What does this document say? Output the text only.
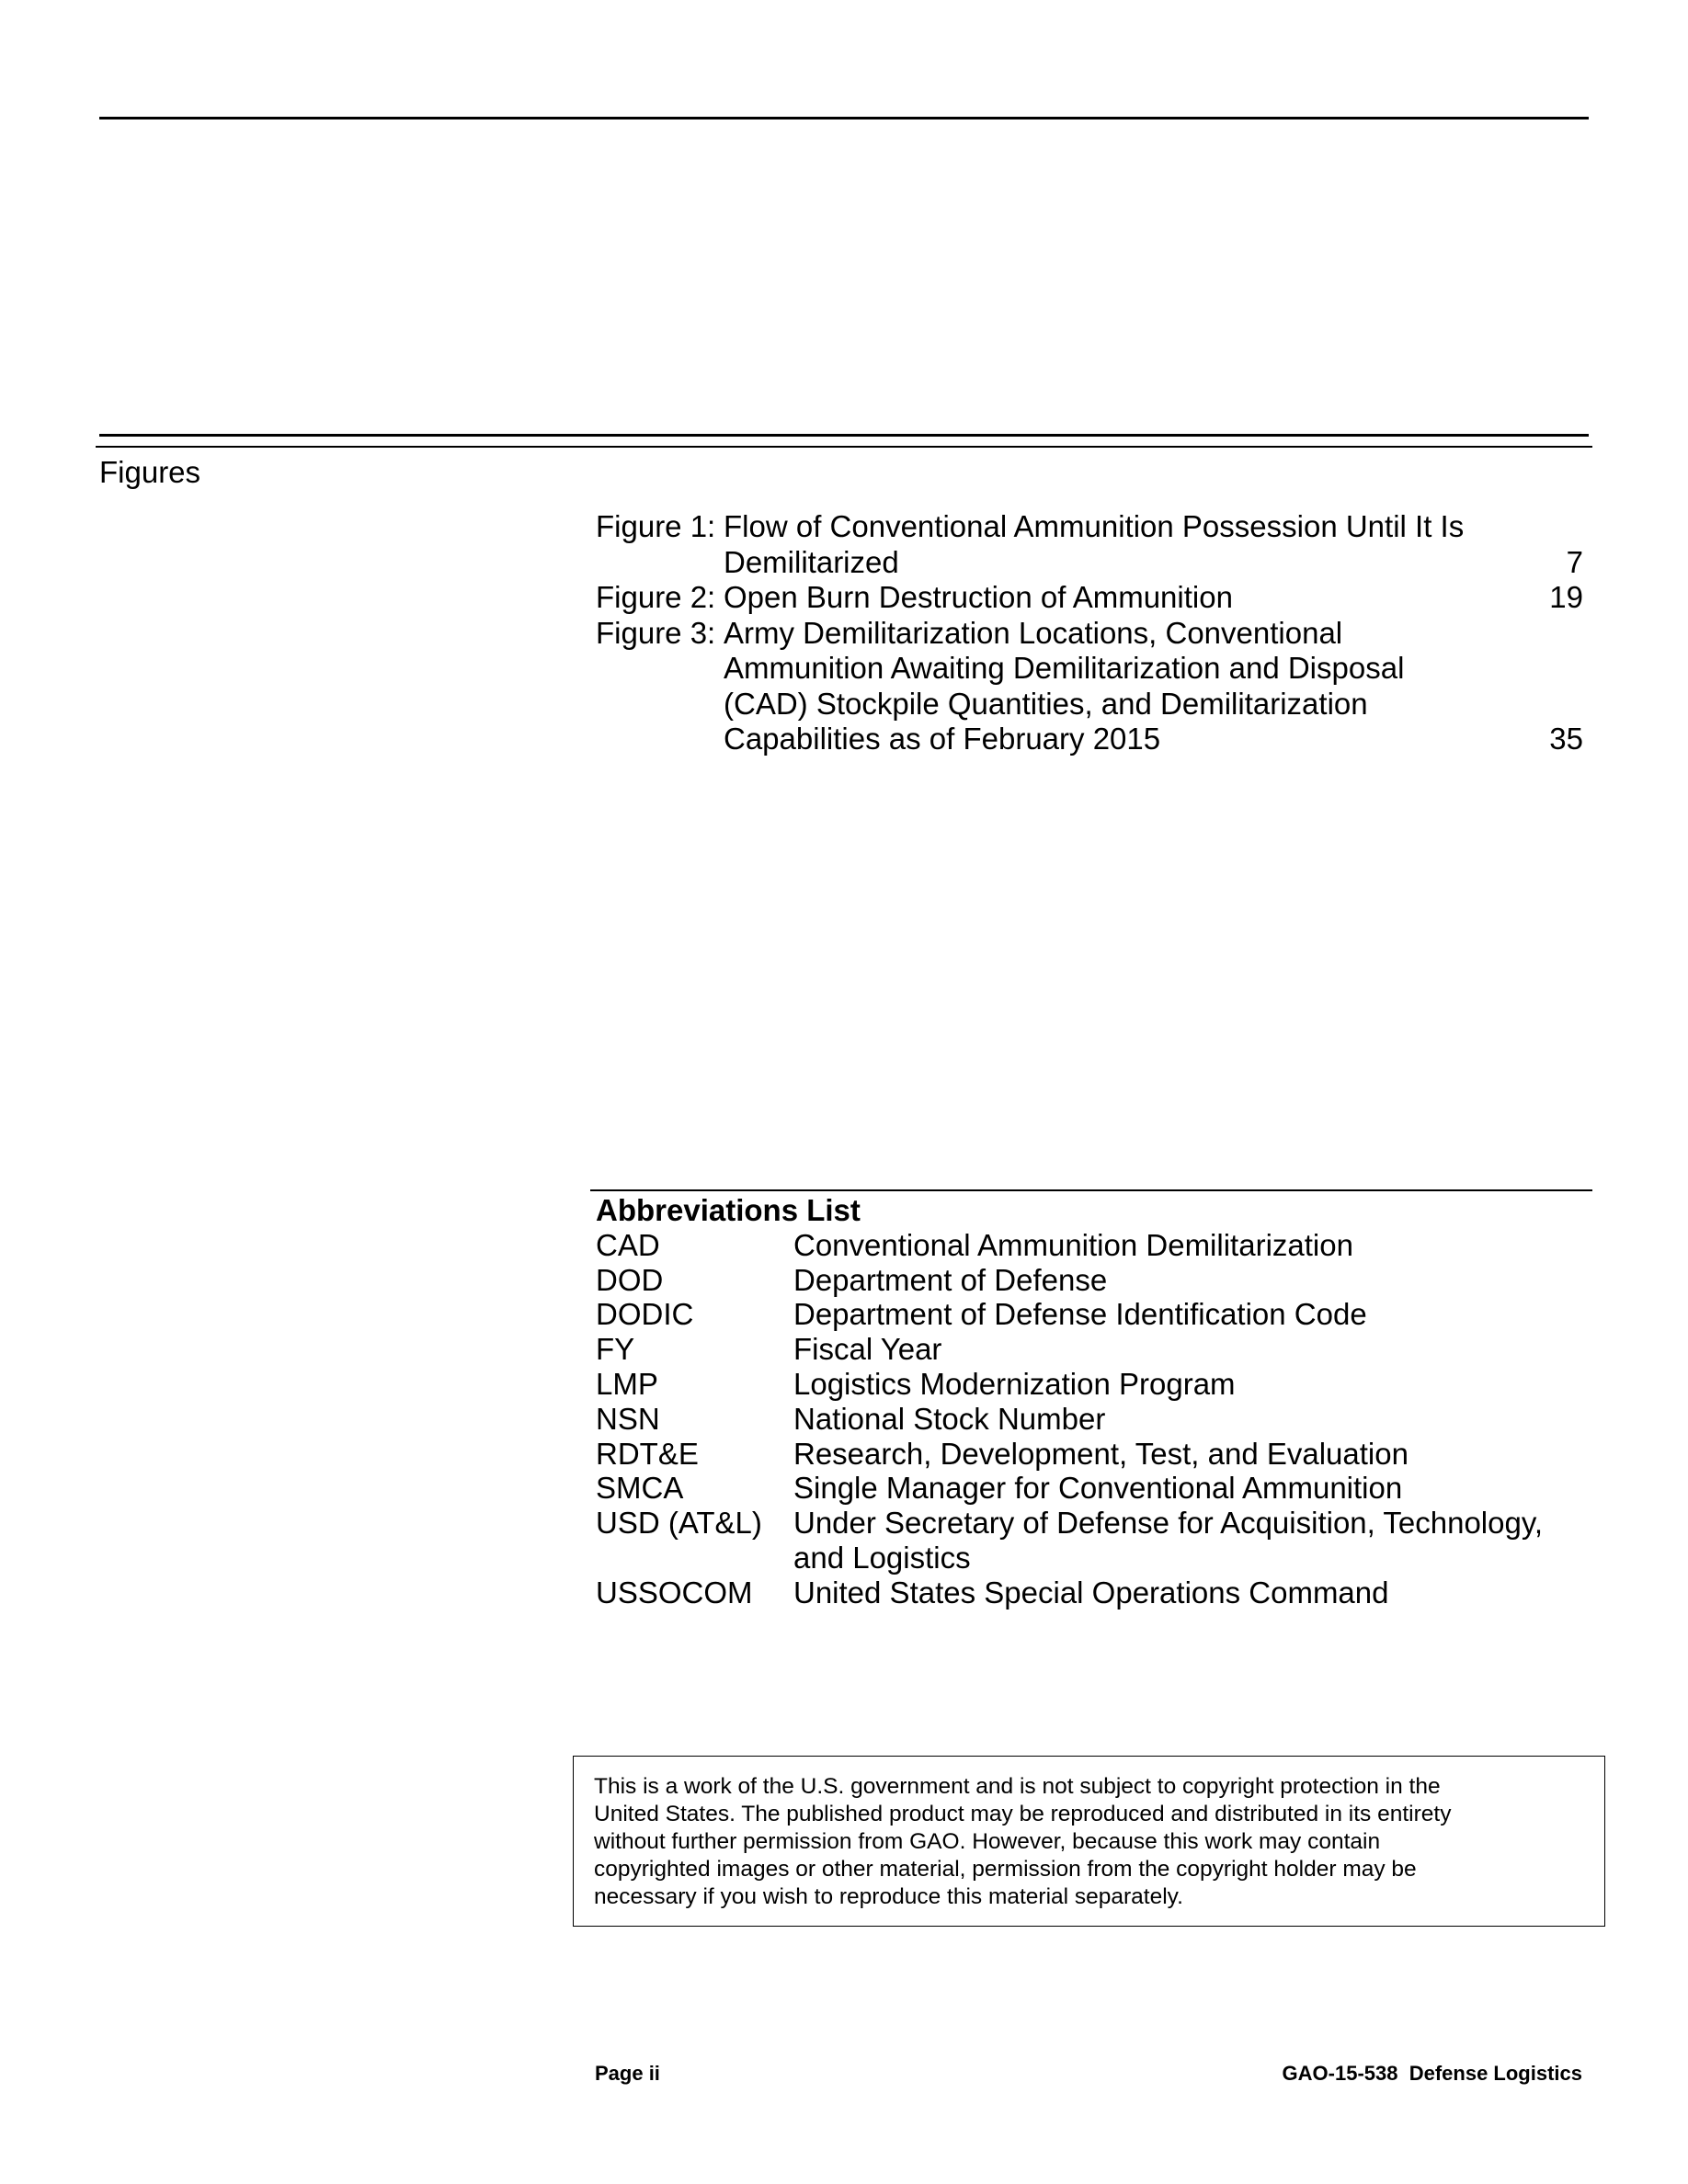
Figures
Figure 1: Flow of Conventional Ammunition Possession Until It Is
Demilitarized	7
Figure 2: Open Burn Destruction of Ammunition	19
Figure 3: Army Demilitarization Locations, Conventional
Ammunition Awaiting Demilitarization and Disposal
(CAD) Stockpile Quantities, and Demilitarization
Capabilities as of February 2015	35
Abbreviations List
CAD	Conventional Ammunition Demilitarization
DOD	Department of Defense
DODIC	Department of Defense Identification Code
FY	Fiscal Year
LMP	Logistics Modernization Program
NSN	National Stock Number
RDT&E	Research, Development, Test, and Evaluation
SMCA	Single Manager for Conventional Ammunition
USD (AT&L)	Under Secretary of Defense for Acquisition, Technology,
and Logistics
USSOCOM	United States Special Operations Command
This is a work of the U.S. government and is not subject to copyright protection in the
United States. The published product may be reproduced and distributed in its entirety
without further permission from GAO. However, because this work may contain
copyrighted images or other material, permission from the copyright holder may be
necessary if you wish to reproduce this material separately.
Page ii	GAO-15-538  Defense Logistics
